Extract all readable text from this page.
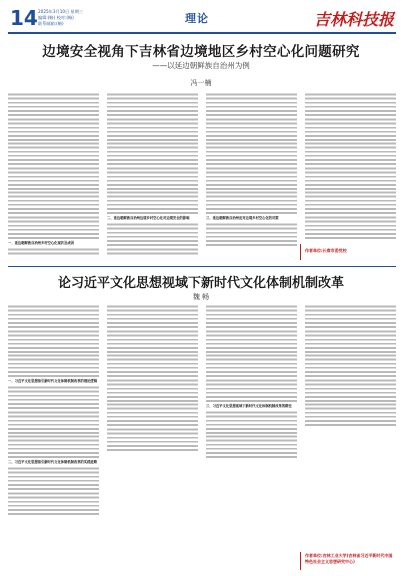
14 2025年3月10日 星期三
编辑:(略) 校对:(略)
联系邮箱:(略)	理论	吉林科技报
边境安全视角下吉林省边境地区乡村空心化问题研究
——以延边朝鲜族自治州为例
冯一楠

一、延边朝鲜族自治州乡村空心化现状及成因

二、延边朝鲜族自治州边境乡村空心化对边境安全的影响	三、延边朝鲜族自治州应对边境乡村空心化的对策

作者单位:长春市委党校
论习近平文化思想视域下新时代文化体制机制改革
魏 畅

一、习近平文化思想指引新时代文化体制机制改革的理论逻辑

二、习近平文化思想指引新时代文化体制机制改革的实践进路

三、习近平文化思想视域下新时代文化体制机制改革的路径

作者单位:吉林工业大学(吉林省习近平新时代中国特色社会主义思想研究中心)
